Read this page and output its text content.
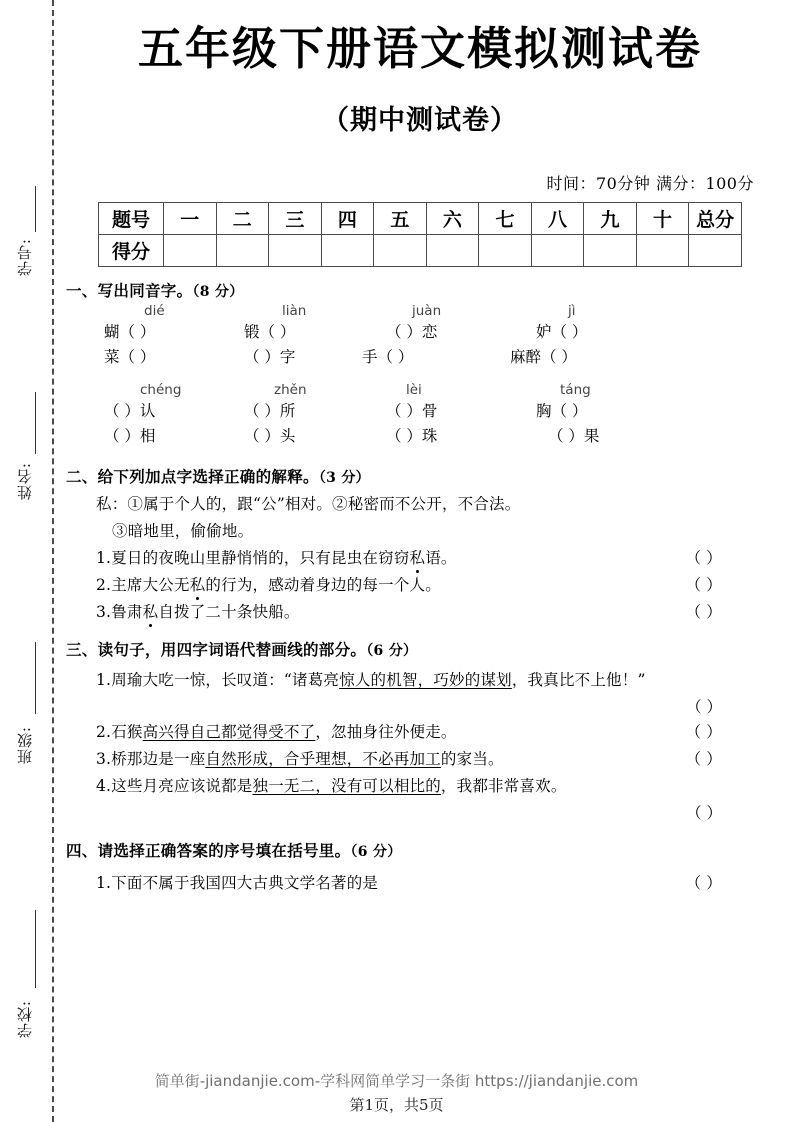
学号:
姓名:
班级:
学校:
五年级下册语文模拟测试卷
（期中测试卷）
时间：70分钟 满分：100分
题号	一	二	三	四	五	六	七	八	九	十	总分
得分											
一、写出同音字。（8 分）
dié	liàn	juàn	jì
蝴（ ）	锻（ ）	（ ）恋	妒（ ）
菜（ ）	（ ）字	手（ ）	麻醉（ ）
chéng	zhěn	lèi	táng
（ ）认	（ ）所	（ ）骨	胸（ ）
（ ）相	（ ）头	（ ）珠	（ ）果
二、给下列加点字选择正确的解释。（3 分）
私：①属于个人的，跟“公”相对。②秘密而不公开，不合法。
③暗地里，偷偷地。
1.夏日的夜晚山里静悄悄的，只有昆虫在窃窃私语。	（ ）
2.主席大公无私的行为，感动着身边的每一个人。	（ ）
3.鲁肃私自拨了二十条快船。	（ ）
三、读句子，用四字词语代替画线的部分。（6 分）
1.周瑜大吃一惊，长叹道：“诸葛亮惊人的机智，巧妙的谋划，我真比不上他！”
（ ）
2.石猴高兴得自己都觉得受不了，忽抽身往外便走。	（ ）
3.桥那边是一座自然形成，合乎理想，不必再加工的家当。	（ ）
4.这些月亮应该说都是独一无二，没有可以相比的，我都非常喜欢。
（ ）
四、请选择正确答案的序号填在括号里。（6 分）
1.下面不属于我国四大古典文学名著的是	（ ）
简单街-jiandanjie.com-学科网简单学习一条街 https://jiandanjie.com
第1页，共5页
